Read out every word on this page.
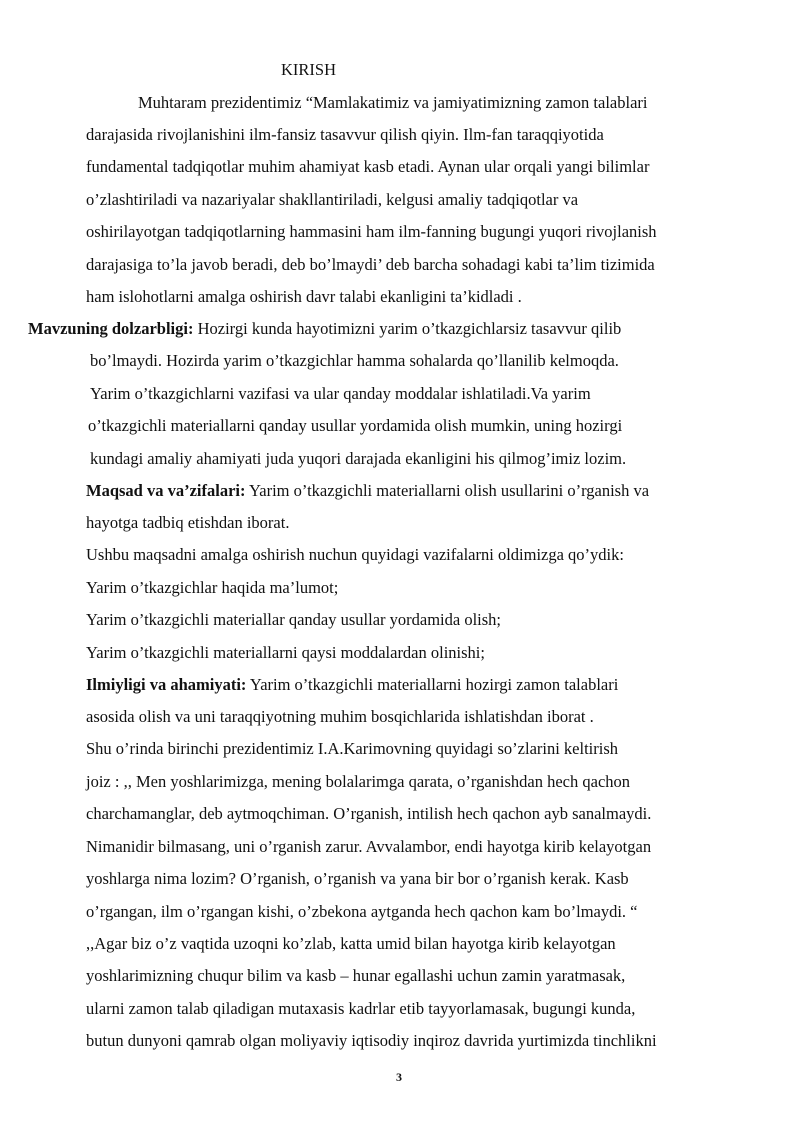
KIRISH
Muhtaram prezidentimiz “Mamlakatimiz va jamiyatimizning zamon talablari
darajasida rivojlanishini ilm-fansiz tasavvur qilish qiyin. Ilm-fan taraqqiyotida
fundamental tadqiqotlar muhim ahamiyat kasb etadi. Aynan ular orqali yangi bilimlar
o’zlashtiriladi va nazariyalar shakllantiriladi, kelgusi amaliy tadqiqotlar va
oshirilayotgan tadqiqotlarning hammasini ham ilm-fanning bugungi yuqori rivojlanish
darajasiga to’la javob beradi, deb bo’lmaydi’ deb barcha sohadagi kabi ta’lim tizimida
ham islohotlarni amalga oshirish davr talabi ekanligini ta’kidladi .
Mavzuning dolzarbligi: Hozirgi kunda hayotimizni yarim o’tkazgichlarsiz tasavvur qilib
bo’lmaydi. Hozirda yarim o’tkazgichlar hamma sohalarda qo’llanilib kelmoqda.
Yarim o’tkazgichlarni vazifasi va ular qanday moddalar ishlatiladi.Va yarim
o’tkazgichli materiallarni qanday usullar yordamida olish mumkin, uning hozirgi
kundagi amaliy ahamiyati juda yuqori darajada ekanligini his qilmog’imiz lozim.
Maqsad va va’zifalari: Yarim o’tkazgichli materiallarni olish usullarini o’rganish va
hayotga tadbiq etishdan iborat.
Ushbu maqsadni amalga oshirish nuchun quyidagi vazifalarni oldimizga qo’ydik:
Yarim o’tkazgichlar haqida ma’lumot;
Yarim o’tkazgichli materiallar qanday usullar yordamida olish;
Yarim o’tkazgichli materiallarni qaysi moddalardan olinishi;
Ilmiyligi va ahamiyati: Yarim o’tkazgichli materiallarni hozirgi zamon talablari
asosida olish va uni taraqqiyotning muhim bosqichlarida ishlatishdan iborat .
Shu o’rinda birinchi prezidentimiz I.A.Karimovning quyidagi so’zlarini keltirish
joiz : ,, Men yoshlarimizga, mening bolalarimga qarata, o’rganishdan hech qachon
charchamanglar, deb aytmoqchiman. O’rganish, intilish hech qachon ayb sanalmaydi.
Nimanidir bilmasang, uni o’rganish zarur. Avvalambor, endi hayotga kirib kelayotgan
yoshlarga nima lozim? O’rganish, o’rganish va yana bir bor o’rganish kerak. Kasb
o’rgangan, ilm o’rgangan kishi, o’zbekona aytganda hech qachon kam bo’lmaydi. “
,,Agar biz o’z vaqtida uzoqni ko’zlab, katta umid bilan hayotga kirib kelayotgan
yoshlarimizning chuqur bilim va kasb – hunar egallashi uchun zamin yaratmasak,
ularni zamon talab qiladigan mutaxasis kadrlar etib tayyorlamasak, bugungi kunda,
butun dunyoni qamrab olgan moliyaviy iqtisodiy inqiroz davrida yurtimizda tinchlikni
3
